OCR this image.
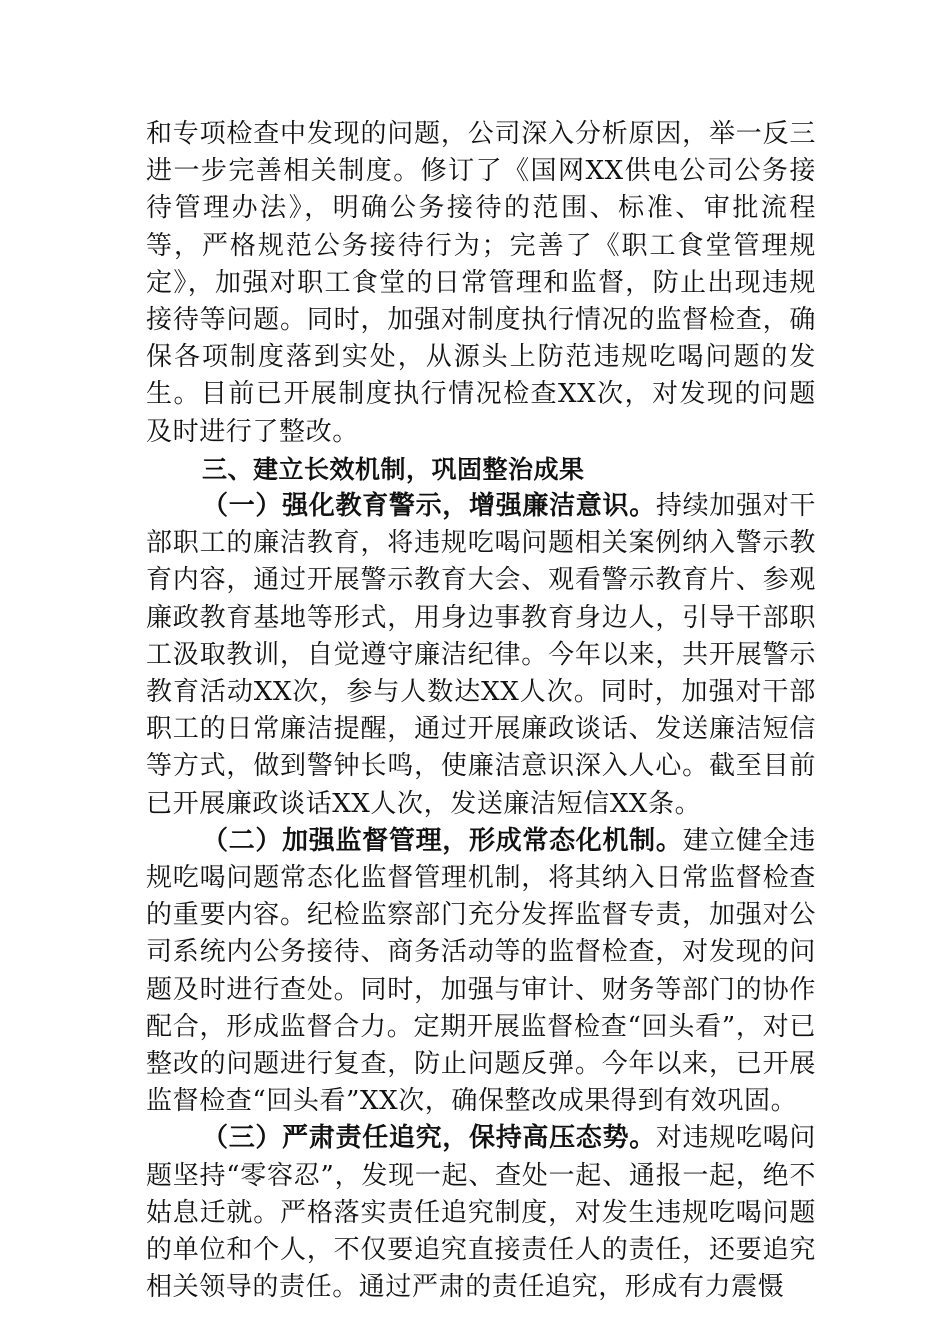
和专项检查中发现的问题，公司深入分析原因，举一反三进一步完善相关制度。修订了《国网XX供电公司公务接待管理办法》，明确公务接待的范围、标准、审批流程等，严格规范公务接待行为；完善了《职工食堂管理规定》，加强对职工食堂的日常管理和监督，防止出现违规接待等问题。同时，加强对制度执行情况的监督检查，确保各项制度落到实处，从源头上防范违规吃喝问题的发生。目前已开展制度执行情况检查XX次，对发现的问题及时进行了整改。

三、建立长效机制，巩固整治成果

（一）强化教育警示，增强廉洁意识。持续加强对干部职工的廉洁教育，将违规吃喝问题相关案例纳入警示教育内容，通过开展警示教育大会、观看警示教育片、参观廉政教育基地等形式，用身边事教育身边人，引导干部职工汲取教训，自觉遵守廉洁纪律。今年以来，共开展警示教育活动XX次，参与人数达XX人次。同时，加强对干部职工的日常廉洁提醒，通过开展廉政谈话、发送廉洁短信等方式，做到警钟长鸣，使廉洁意识深入人心。截至目前已开展廉政谈话XX人次，发送廉洁短信XX条。

（二）加强监督管理，形成常态化机制。建立健全违规吃喝问题常态化监督管理机制，将其纳入日常监督检查的重要内容。纪检监察部门充分发挥监督专责，加强对公司系统内公务接待、商务活动等的监督检查，对发现的问题及时进行查处。同时，加强与审计、财务等部门的协作配合，形成监督合力。定期开展监督检查“回头看”，对已整改的问题进行复查，防止问题反弹。今年以来，已开展监督检查“回头看”XX次，确保整改成果得到有效巩固。

（三）严肃责任追究，保持高压态势。对违规吃喝问题坚持“零容忍”，发现一起、查处一起、通报一起，绝不姑息迁就。严格落实责任追究制度，对发生违规吃喝问题的单位和个人，不仅要追究直接责任人的责任，还要追究相关领导的责任。通过严肃的责任追究，形成有力震慑
